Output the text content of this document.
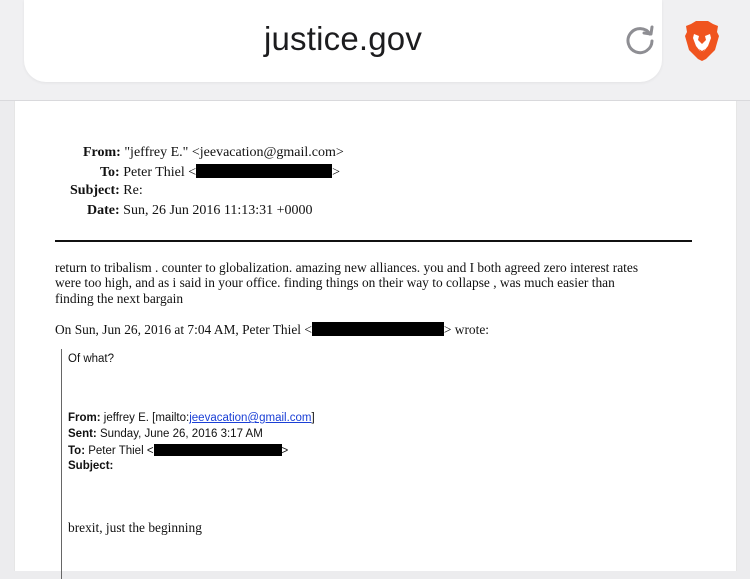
justice.gov
From: "jeffrey E." <jeevacation@gmail.com>
To: Peter Thiel <	>
Subject: Re:
Date: Sun, 26 Jun 2016 11:13:31 +0000
return to tribalism . counter to globalization. amazing new alliances. you and I both agreed zero interest rates
were too high, and as i said in your office. finding things on their way to collapse , was much easier than
finding the next bargain
On Sun, Jun 26, 2016 at 7:04 AM, Peter Thiel <	> wrote:
Of what?
From: jeffrey E. [mailto:jeevacation@gmail.com]
Sent: Sunday, June 26, 2016 3:17 AM
To: Peter Thiel <	>
Subject:
brexit, just the beginning
